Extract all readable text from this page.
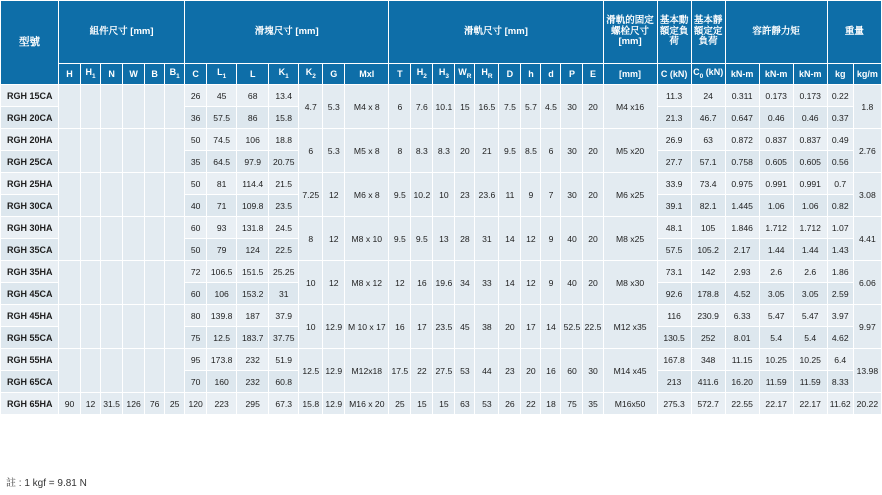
型號	組件尺寸 [mm]						滑塊尺寸 [mm]							滑軌尺寸 [mm]										滑軌的固定螺栓尺寸 [mm]	基本動額定負荷	基本靜額定定負荷	容許靜力矩			重量	
	H	$H_1$	N	W	B	$B_1$	C	$L_1$	L	$K_1$	$K_2$	G	Mxl	T	$H_2$	$H_3$	$W_R$	$H_R$	D	h	d	P	E	[mm]	C (kN)	$C_0$ (kN)	kN-m	kN-m	kN-m	kg	kg/m
RGH 15CA							26	45	68	13.4	4.7	5.3	M4 x 8	6	7.6	10.1	15	16.5	7.5	5.7	4.5	30	20	M4 x16	11.3	24	0.311	0.173	0.173	0.22	1.8
RGH 20CA							36	57.5	86	15.8															21.3	46.7	0.647	0.46	0.46	0.37	
RGH 20HA							50	74.5	106	18.8	6	5.3	M5 x 8	8	8.3	8.3	20	21	9.5	8.5	6	30	20	M5 x20	26.9	63	0.872	0.837	0.837	0.49	2.76
RGH 25CA							35	64.5	97.9	20.75															27.7	57.1	0.758	0.605	0.605	0.56	
RGH 25HA							50	81	114.4	21.5	7.25	12	M6 x 8	9.5	10.2	10	23	23.6	11	9	7	30	20	M6 x25	33.9	73.4	0.975	0.991	0.991	0.7	3.08
RGH 30CA							40	71	109.8	23.5															39.1	82.1	1.445	1.06	1.06	0.82	
RGH 30HA							60	93	131.8	24.5	8	12	M8 x 10	9.5	9.5	13	28	31	14	12	9	40	20	M8 x25	48.1	105	1.846	1.712	1.712	1.07	4.41
RGH 35CA							50	79	124	22.5															57.5	105.2	2.17	1.44	1.44	1.43	
RGH 35HA							72	106.5	151.5	25.25	10	12	M8 x 12	12	16	19.6	34	33	14	12	9	40	20	M8 x30	73.1	142	2.93	2.6	2.6	1.86	6.06
RGH 45CA							60	106	153.2	31															92.6	178.8	4.52	3.05	3.05	2.59	
RGH 45HA							80	139.8	187	37.9	10	12.9	M 10 x 17	16	17	23.5	45	38	20	17	14	52.5	22.5	M12 x35	116	230.9	6.33	5.47	5.47	3.97	9.97
RGH 55CA							75	12.5	183.7	37.75															130.5	252	8.01	5.4	5.4	4.62	
RGH 55HA							95	173.8	232	51.9	12.5	12.9	M12x18	17.5	22	27.5	53	44	23	20	16	60	30	M14 x45	167.8	348	11.15	10.25	10.25	6.4	13.98
RGH 65CA							70	160	232	60.8															213	411.6	16.20	11.59	11.59	8.33	
RGH 65HA	90	12	31.5	126	76	25	120	223	295	67.3	15.8	12.9	M16 x 20	25	15	15	63	53	26	22	18	75	35	M16x50	275.3	572.7	22.55	22.17	22.17	11.62	20.22
註 : 1 kgf = 9.81 N
